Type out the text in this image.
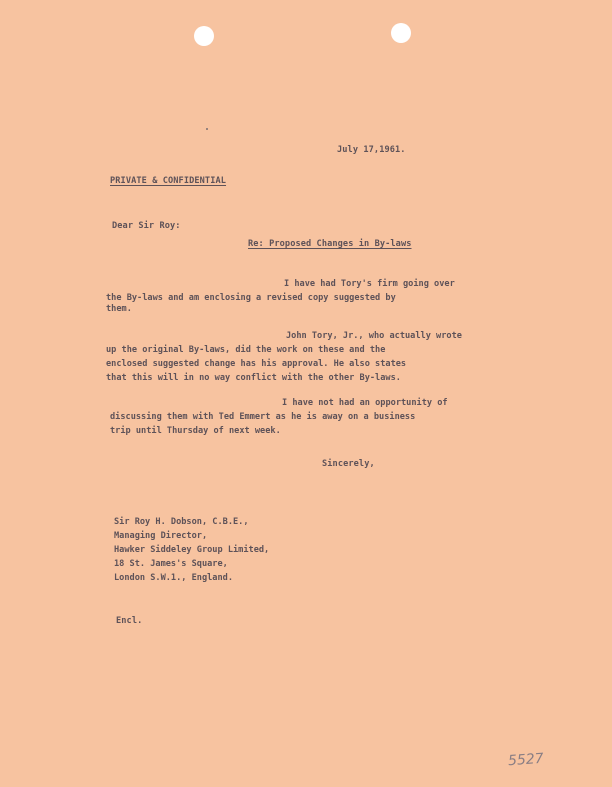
July 17,1961.
PRIVATE & CONFIDENTIAL
Dear Sir Roy:
Re: Proposed Changes in By-laws
I have had Tory's firm going over
the By-laws and am enclosing a revised copy suggested by
them.
John Tory, Jr., who actually wrote
up the original By-laws, did the work on these and the
enclosed suggested change has his approval. He also states
that this will in no way conflict with the other By-laws.
I have not had an opportunity of
discussing them with Ted Emmert as he is away on a business
trip until Thursday of next week.
Sincerely,
Sir Roy H. Dobson, C.B.E.,
Managing Director,
Hawker Siddeley Group Limited,
18 St. James's Square,
London S.W.1., England.
Encl.
5527
